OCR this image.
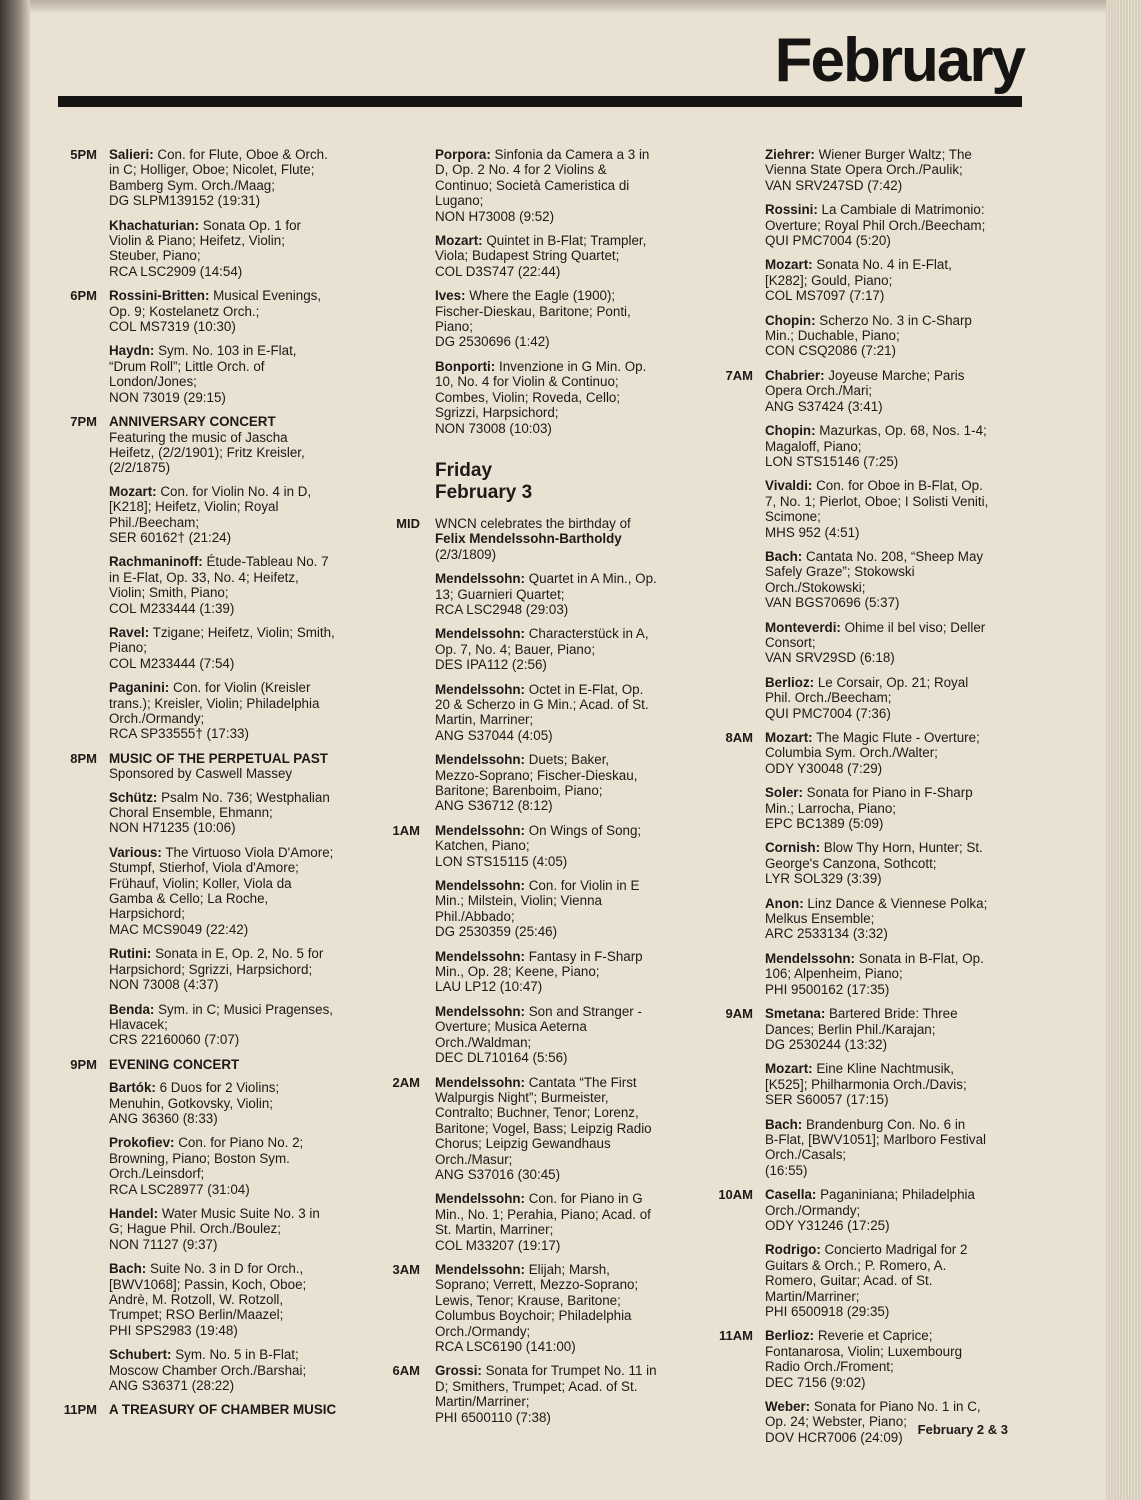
February
5PM Salieri: Con. for Flute, Oboe & Orch.
in C; Holliger, Oboe; Nicolet, Flute;
Bamberg Sym. Orch./Maag;
DG SLPM139152 (19:31)
Khachaturian: Sonata Op. 1 for
Violin & Piano; Heifetz, Violin;
Steuber, Piano;
RCA LSC2909 (14:54)
6PM Rossini-Britten: Musical Evenings,
Op. 9; Kostelanetz Orch.;
COL MS7319 (10:30)
Haydn: Sym. No. 103 in E-Flat,
“Drum Roll”; Little Orch. of
London/Jones;
NON 73019 (29:15)
7PM ANNIVERSARY CONCERT
Featuring the music of Jascha
Heifetz, (2/2/1901); Fritz Kreisler,
(2/2/1875)
Mozart: Con. for Violin No. 4 in D,
[K218]; Heifetz, Violin; Royal
Phil./Beecham;
SER 60162† (21:24)
Rachmaninoff: Étude-Tableau No. 7
in E-Flat, Op. 33, No. 4; Heifetz,
Violin; Smith, Piano;
COL M233444 (1:39)
Ravel: Tzigane; Heifetz, Violin; Smith,
Piano;
COL M233444 (7:54)
Paganini: Con. for Violin (Kreisler
trans.); Kreisler, Violin; Philadelphia
Orch./Ormandy;
RCA SP33555† (17:33)
8PM MUSIC OF THE PERPETUAL PAST
Sponsored by Caswell Massey
Schütz: Psalm No. 736; Westphalian
Choral Ensemble, Ehmann;
NON H71235 (10:06)
Various: The Virtuoso Viola D'Amore;
Stumpf, Stierhof, Viola d'Amore;
Frühauf, Violin; Koller, Viola da
Gamba & Cello; La Roche,
Harpsichord;
MAC MCS9049 (22:42)
Rutini: Sonata in E, Op. 2, No. 5 for
Harpsichord; Sgrizzi, Harpsichord;
NON 73008 (4:37)
Benda: Sym. in C; Musici Pragenses,
Hlavacek;
CRS 22160060 (7:07)
9PM EVENING CONCERT
Bartók: 6 Duos for 2 Violins;
Menuhin, Gotkovsky, Violin;
ANG 36360 (8:33)
Prokofiev: Con. for Piano No. 2;
Browning, Piano; Boston Sym.
Orch./Leinsdorf;
RCA LSC28977 (31:04)
Handel: Water Music Suite No. 3 in
G; Hague Phil. Orch./Boulez;
NON 71127 (9:37)
Bach: Suite No. 3 in D for Orch.,
[BWV1068]; Passin, Koch, Oboe;
Andrè, M. Rotzoll, W. Rotzoll,
Trumpet; RSO Berlin/Maazel;
PHI SPS2983 (19:48)
Schubert: Sym. No. 5 in B-Flat;
Moscow Chamber Orch./Barshai;
ANG S36371 (28:22)
11PM A TREASURY OF CHAMBER MUSIC
Porpora: Sinfonia da Camera a 3 in
D, Op. 2 No. 4 for 2 Violins &
Continuo; Società Cameristica di
Lugano;
NON H73008 (9:52)
Mozart: Quintet in B-Flat; Trampler,
Viola; Budapest String Quartet;
COL D3S747 (22:44)
Ives: Where the Eagle (1900);
Fischer-Dieskau, Baritone; Ponti,
Piano;
DG 2530696 (1:42)
Bonporti: Invenzione in G Min. Op.
10, No. 4 for Violin & Continuo;
Combes, Violin; Roveda, Cello;
Sgrizzi, Harpsichord;
NON 73008 (10:03)
Friday
February 3
MID WNCN celebrates the birthday of
Felix Mendelssohn-Bartholdy
(2/3/1809)
Mendelssohn: Quartet in A Min., Op.
13; Guarnieri Quartet;
RCA LSC2948 (29:03)
Mendelssohn: Characterstück in A,
Op. 7, No. 4; Bauer, Piano;
DES IPA112 (2:56)
Mendelssohn: Octet in E-Flat, Op.
20 & Scherzo in G Min.; Acad. of St.
Martin, Marriner;
ANG S37044 (4:05)
Mendelssohn: Duets; Baker,
Mezzo-Soprano; Fischer-Dieskau,
Baritone; Barenboim, Piano;
ANG S36712 (8:12)
1AM Mendelssohn: On Wings of Song;
Katchen, Piano;
LON STS15115 (4:05)
Mendelssohn: Con. for Violin in E
Min.; Milstein, Violin; Vienna
Phil./Abbado;
DG 2530359 (25:46)
Mendelssohn: Fantasy in F-Sharp
Min., Op. 28; Keene, Piano;
LAU LP12 (10:47)
Mendelssohn: Son and Stranger -
Overture; Musica Aeterna
Orch./Waldman;
DEC DL710164 (5:56)
2AM Mendelssohn: Cantata “The First
Walpurgis Night”; Burmeister,
Contralto; Buchner, Tenor; Lorenz,
Baritone; Vogel, Bass; Leipzig Radio
Chorus; Leipzig Gewandhaus
Orch./Masur;
ANG S37016 (30:45)
Mendelssohn: Con. for Piano in G
Min., No. 1; Perahia, Piano; Acad. of
St. Martin, Marriner;
COL M33207 (19:17)
3AM Mendelssohn: Elijah; Marsh,
Soprano; Verrett, Mezzo-Soprano;
Lewis, Tenor; Krause, Baritone;
Columbus Boychoir; Philadelphia
Orch./Ormandy;
RCA LSC6190 (141:00)
6AM Grossi: Sonata for Trumpet No. 11 in
D; Smithers, Trumpet; Acad. of St.
Martin/Marriner;
PHI 6500110 (7:38)
Ziehrer: Wiener Burger Waltz; The
Vienna State Opera Orch./Paulik;
VAN SRV247SD (7:42)
Rossini: La Cambiale di Matrimonio:
Overture; Royal Phil Orch./Beecham;
QUI PMC7004 (5:20)
Mozart: Sonata No. 4 in E-Flat,
[K282]; Gould, Piano;
COL MS7097 (7:17)
Chopin: Scherzo No. 3 in C-Sharp
Min.; Duchable, Piano;
CON CSQ2086 (7:21)
7AM Chabrier: Joyeuse Marche; Paris
Opera Orch./Mari;
ANG S37424 (3:41)
Chopin: Mazurkas, Op. 68, Nos. 1-4;
Magaloff, Piano;
LON STS15146 (7:25)
Vivaldi: Con. for Oboe in B-Flat, Op.
7, No. 1; Pierlot, Oboe; I Solisti Veniti,
Scimone;
MHS 952 (4:51)
Bach: Cantata No. 208, “Sheep May
Safely Graze”; Stokowski
Orch./Stokowski;
VAN BGS70696 (5:37)
Monteverdi: Ohime il bel viso; Deller
Consort;
VAN SRV29SD (6:18)
Berlioz: Le Corsair, Op. 21; Royal
Phil. Orch./Beecham;
QUI PMC7004 (7:36)
8AM Mozart: The Magic Flute - Overture;
Columbia Sym. Orch./Walter;
ODY Y30048 (7:29)
Soler: Sonata for Piano in F-Sharp
Min.; Larrocha, Piano;
EPC BC1389 (5:09)
Cornish: Blow Thy Horn, Hunter; St.
George's Canzona, Sothcott;
LYR SOL329 (3:39)
Anon: Linz Dance & Viennese Polka;
Melkus Ensemble;
ARC 2533134 (3:32)
Mendelssohn: Sonata in B-Flat, Op.
106; Alpenheim, Piano;
PHI 9500162 (17:35)
9AM Smetana: Bartered Bride: Three
Dances; Berlin Phil./Karajan;
DG 2530244 (13:32)
Mozart: Eine Kline Nachtmusik,
[K525]; Philharmonia Orch./Davis;
SER S60057 (17:15)
Bach: Brandenburg Con. No. 6 in
B-Flat, [BWV1051]; Marlboro Festival
Orch./Casals;
(16:55)
10AM Casella: Paganiniana; Philadelphia
Orch./Ormandy;
ODY Y31246 (17:25)
Rodrigo: Concierto Madrigal for 2
Guitars & Orch.; P. Romero, A.
Romero, Guitar; Acad. of St.
Martin/Marriner;
PHI 6500918 (29:35)
11AM Berlioz: Reverie et Caprice;
Fontanarosa, Violin; Luxembourg
Radio Orch./Froment;
DEC 7156 (9:02)
Weber: Sonata for Piano No. 1 in C,
Op. 24; Webster, Piano;
DOV HCR7006 (24:09)
February 2 & 3
